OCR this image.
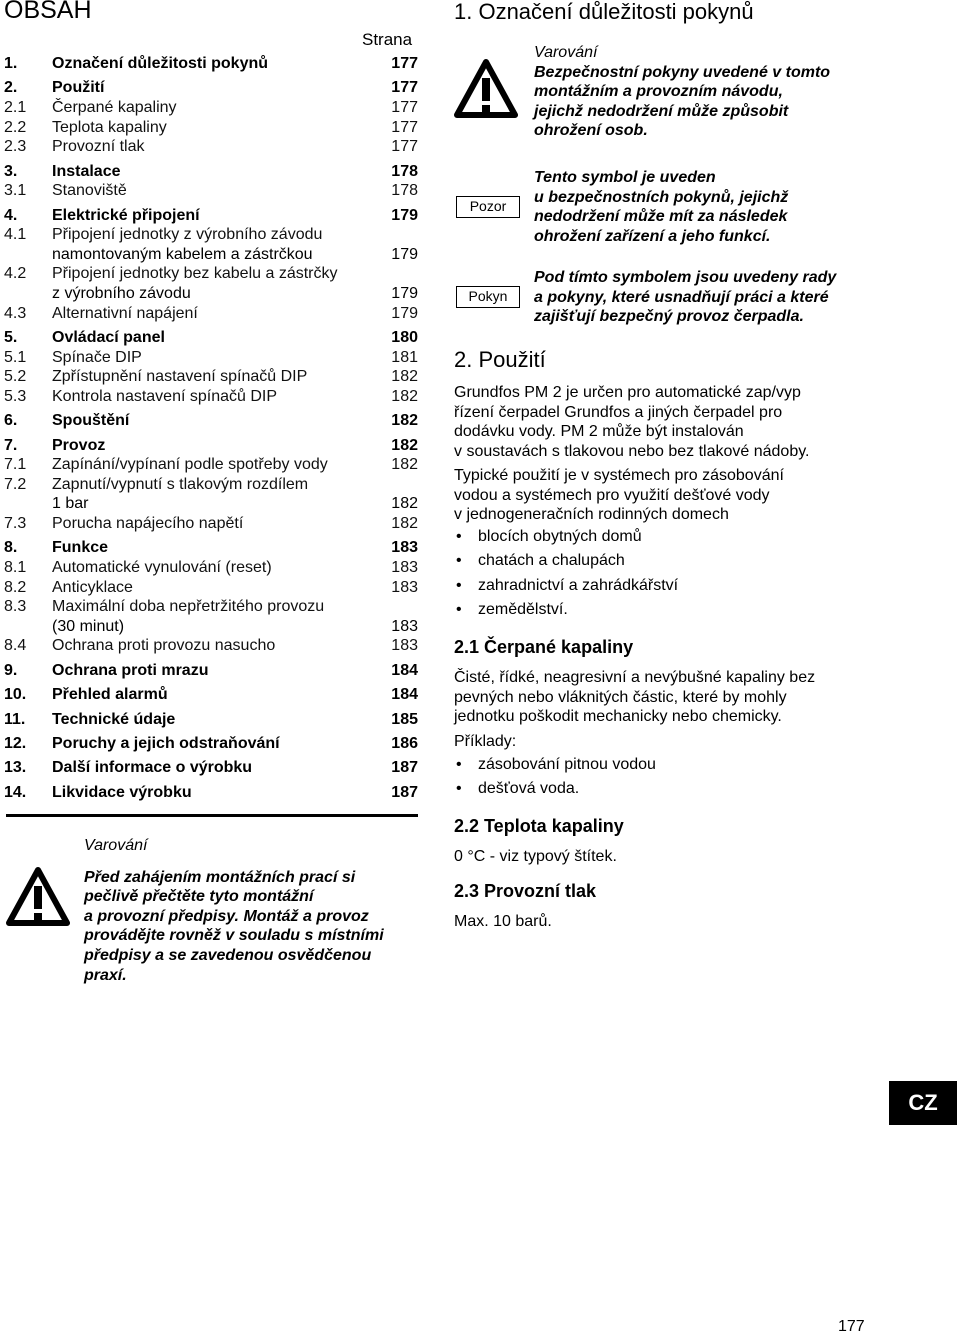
OBSAH
Strana
1. Označení důležitosti pokynů	177
2. Použití	177
2.1 Čerpané kapaliny	177
2.2 Teplota kapaliny	177
2.3 Provozní tlak	177
3. Instalace	178
3.1 Stanoviště	178
4. Elektrické připojení	179
4.1 Připojení jednotky z výrobního závodu
namontovaným kabelem a zástrčkou	179
4.2 Připojení jednotky bez kabelu a zástrčky
z výrobního závodu	179
4.3 Alternativní napájení	179
5. Ovládací panel	180
5.1 Spínače DIP	181
5.2 Zpřístupnění nastavení spínačů DIP	182
5.3 Kontrola nastavení spínačů DIP	182
6. Spouštění	182
7. Provoz	182
7.1 Zapínání/vypínaní podle spotřeby vody	182
7.2 Zapnutí/vypnutí s tlakovým rozdílem
1 bar	182
7.3 Porucha napájecího napětí	182
8. Funkce	183
8.1 Automatické vynulování (reset)	183
8.2 Anticyklace	183
8.3 Maximální doba nepřetržitého provozu
(30 minut)	183
8.4 Ochrana proti provozu nasucho	183
9. Ochrana proti mrazu	184
10. Přehled alarmů	184
11. Technické údaje	185
12. Poruchy a jejich odstraňování	186
13. Další informace o výrobku	187
14. Likvidace výrobku	187
Varování
Před zahájením montážních prací si
pečlivě přečtěte tyto montážní
a provozní předpisy. Montáž a provoz
provádějte rovněž v souladu s místními
předpisy a se zavedenou osvědčenou
praxí.
1. Označení důležitosti pokynů
Varování
Bezpečnostní pokyny uvedené v tomto
montážním a provozním návodu,
jejichž nedodržení může způsobit
ohrožení osob.
Pozor
Tento symbol je uveden
u bezpečnostních pokynů, jejichž
nedodržení může mít za následek
ohrožení zařízení a jeho funkcí.
Pokyn
Pod tímto symbolem jsou uvedeny rady
a pokyny, které usnadňují práci a které
zajišťují bezpečný provoz čerpadla.
2. Použití
Grundfos PM 2 je určen pro automatické zap/vyp
řízení čerpadel Grundfos a jiných čerpadel pro
dodávku vody. PM 2 může být instalován
v soustavách s tlakovou nebo bez tlakové nádoby.
Typické použití je v systémech pro zásobování
vodou a systémech pro využití dešťové vody
v jednogeneračních rodinných domech
• blocích obytných domů
• chatách a chalupách
• zahradnictví a zahrádkářství
• zemědělství.
2.1 Čerpané kapaliny
Čisté, řídké, neagresivní a nevýbušné kapaliny bez
pevných nebo vláknitých částic, které by mohly
jednotku poškodit mechanicky nebo chemicky.
Příklady:
• zásobování pitnou vodou
• dešťová voda.
2.2 Teplota kapaliny
0 °C - viz typový štítek.
2.3 Provozní tlak
Max. 10 barů.
CZ
177
